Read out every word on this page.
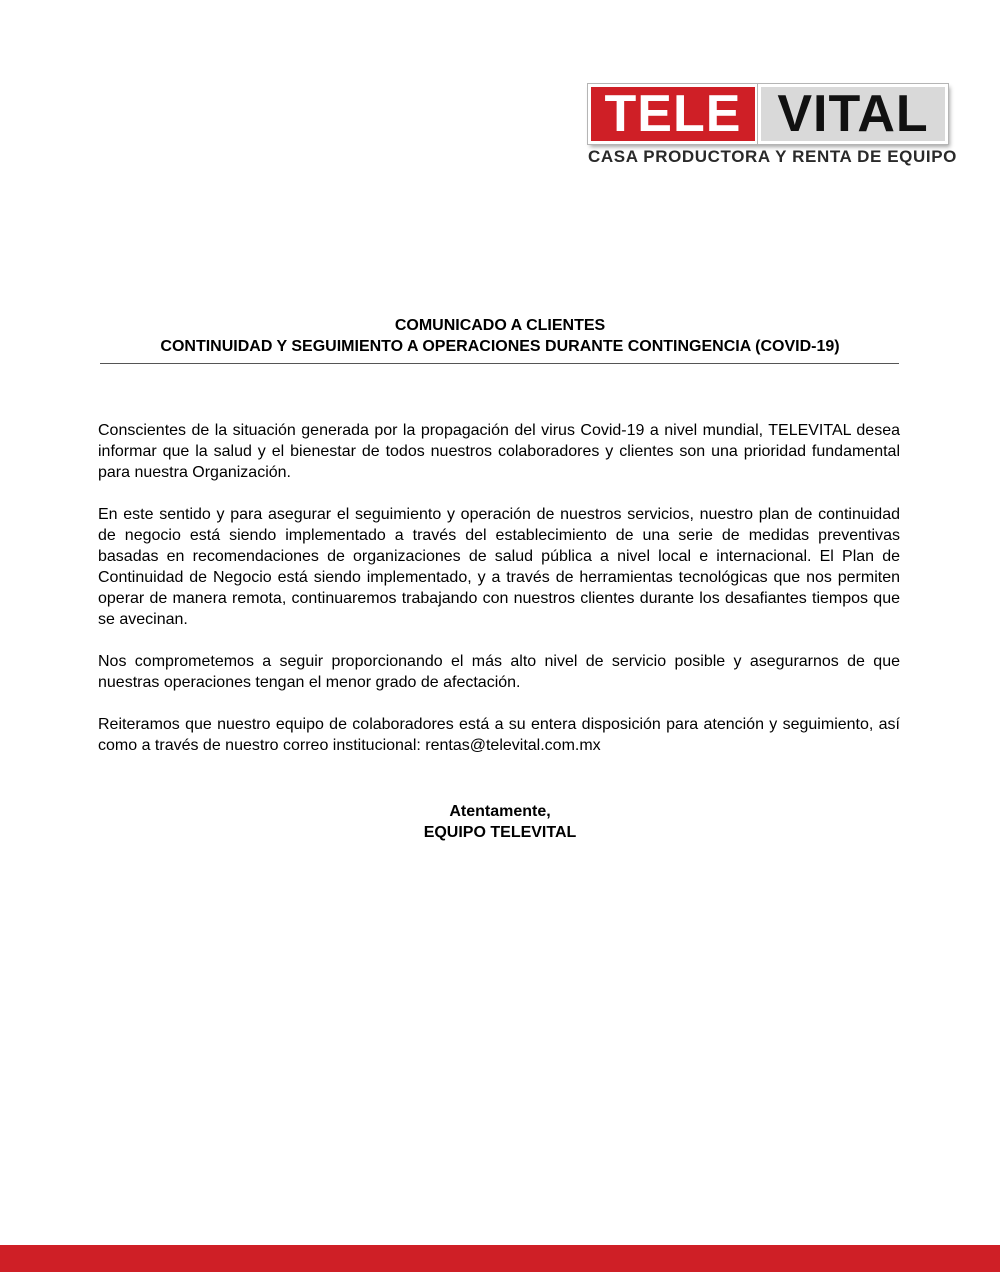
TELE VITAL
CASA PRODUCTORA Y RENTA DE EQUIPO
COMUNICADO A CLIENTES
CONTINUIDAD Y SEGUIMIENTO A OPERACIONES DURANTE CONTINGENCIA (COVID-19)

Conscientes de la situación generada por la propagación del virus Covid-19 a nivel mundial, TELEVITAL desea informar que la salud y el bienestar de todos nuestros colaboradores y clientes son una prioridad fundamental para nuestra Organización.

En este sentido y para asegurar el seguimiento y operación de nuestros servicios, nuestro plan de continuidad de negocio está siendo implementado a través del establecimiento de una serie de medidas preventivas basadas en recomendaciones de organizaciones de salud pública a nivel local e internacional. El Plan de Continuidad de Negocio está siendo implementado, y a través de herramientas tecnológicas que nos permiten operar de manera remota, continuaremos trabajando con nuestros clientes durante los desafiantes tiempos que se avecinan.

Nos comprometemos a seguir proporcionando el más alto nivel de servicio posible y asegurarnos de que nuestras operaciones tengan el menor grado de afectación.

Reiteramos que nuestro equipo de colaboradores está a su entera disposición para atención y seguimiento, así como a través de nuestro correo institucional: rentas@televital.com.mx

Atentamente,
EQUIPO TELEVITAL
